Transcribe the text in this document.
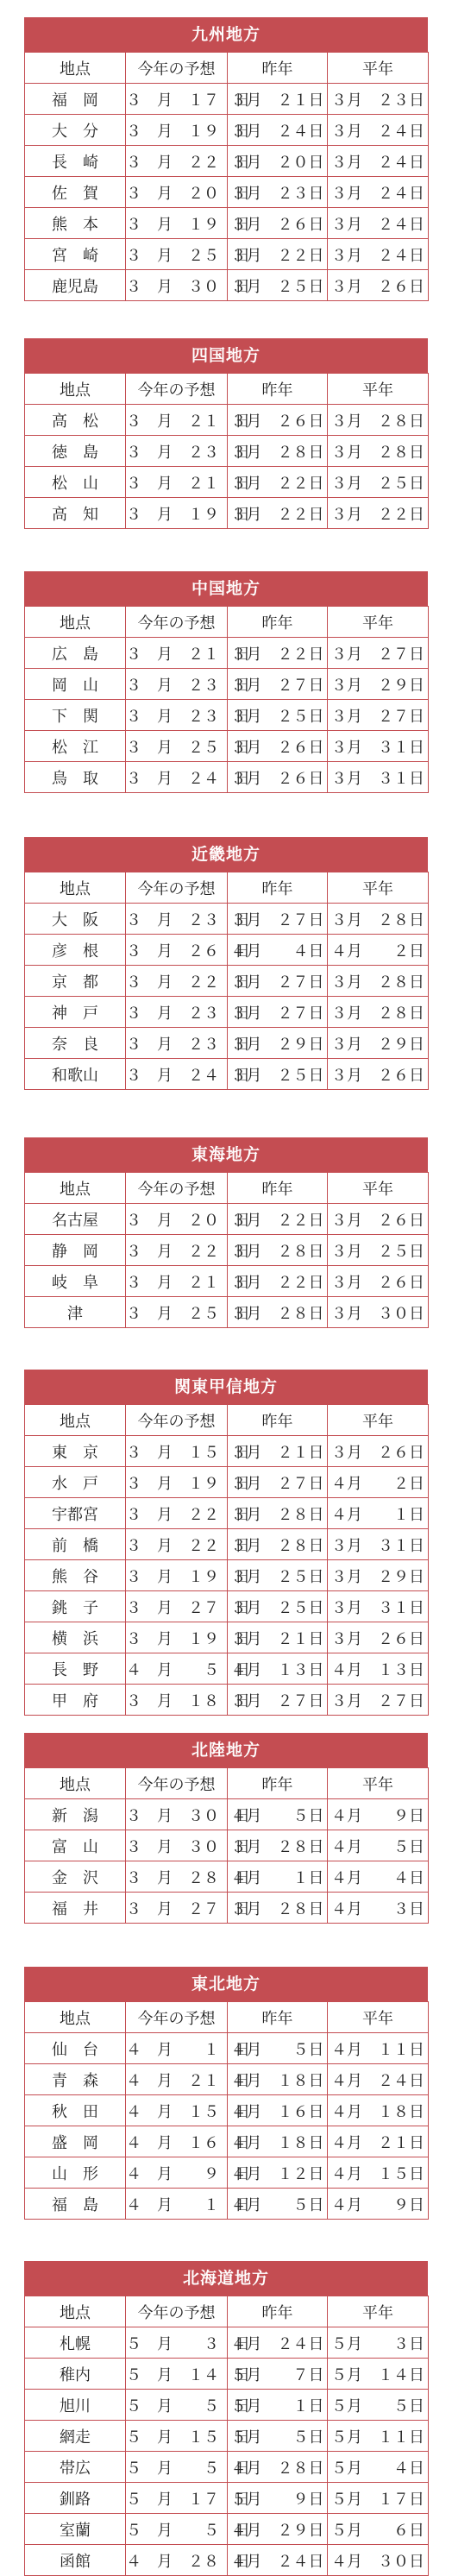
九州地方
地点	今年の予想	昨年	平年
福　岡	３　月　１７　日	３月　２１日	３月　２３日
大　分	３　月　１９　日	３月　２４日	３月　２４日
長　崎	３　月　２２　日	３月　２０日	３月　２４日
佐　賀	３　月　２０　日	３月　２３日	３月　２４日
熊　本	３　月　１９　日	３月　２６日	３月　２４日
宮　崎	３　月　２５　日	３月　２２日	３月　２４日
鹿児島	３　月　３０　日	３月　２５日	３月　２６日
四国地方
地点	今年の予想	昨年	平年
高　松	３　月　２１　日	３月　２６日	３月　２８日
徳　島	３　月　２３　日	３月　２８日	３月　２８日
松　山	３　月　２１　日	３月　２２日	３月　２５日
高　知	３　月　１９　日	３月　２２日	３月　２２日
中国地方
地点	今年の予想	昨年	平年
広　島	３　月　２１　日	３月　２２日	３月　２７日
岡　山	３　月　２３　日	３月　２７日	３月　２９日
下　関	３　月　２３　日	３月　２５日	３月　２７日
松　江	３　月　２５　日	３月　２６日	３月　３１日
鳥　取	３　月　２４　日	３月　２６日	３月　３１日
近畿地方
地点	今年の予想	昨年	平年
大　阪	３　月　２３　日	３月　２７日	３月　２８日
彦　根	３　月　２６　日	４月　　４日	４月　　２日
京　都	３　月　２２　日	３月　２７日	３月　２８日
神　戸	３　月　２３　日	３月　２７日	３月　２８日
奈　良	３　月　２３　日	３月　２９日	３月　２９日
和歌山	３　月　２４　日	３月　２５日	３月　２６日
東海地方
地点	今年の予想	昨年	平年
名古屋	３　月　２０　日	３月　２２日	３月　２６日
静　岡	３　月　２２　日	３月　２８日	３月　２５日
岐　阜	３　月　２１　日	３月　２２日	３月　２６日
津	３　月　２５　日	３月　２８日	３月　３０日
関東甲信地方
地点	今年の予想	昨年	平年
東　京	３　月　１５　日	３月　２１日	３月　２６日
水　戸	３　月　１９　日	３月　２７日	４月　　２日
宇都宮	３　月　２２　日	３月　２８日	４月　　１日
前　橋	３　月　２２　日	３月　２８日	３月　３１日
熊　谷	３　月　１９　日	３月　２５日	３月　２９日
銚　子	３　月　２７　日	３月　２５日	３月　３１日
横　浜	３　月　１９　日	３月　２１日	３月　２６日
長　野	４　月　　５　日	４月　１３日	４月　１３日
甲　府	３　月　１８　日	３月　２７日	３月　２７日
北陸地方
地点	今年の予想	昨年	平年
新　潟	３　月　３０　日	４月　　５日	４月　　９日
富　山	３　月　３０　日	３月　２８日	４月　　５日
金　沢	３　月　２８　日	４月　　１日	４月　　４日
福　井	３　月　２７　日	３月　２８日	４月　　３日
東北地方
地点	今年の予想	昨年	平年
仙　台	４　月　　１　日	４月　　５日	４月　１１日
青　森	４　月　２１　日	４月　１８日	４月　２４日
秋　田	４　月　１５　日	４月　１６日	４月　１８日
盛　岡	４　月　１６　日	４月　１８日	４月　２１日
山　形	４　月　　９　日	４月　１２日	４月　１５日
福　島	４　月　　１　日	４月　　５日	４月　　９日
北海道地方
地点	今年の予想	昨年	平年
札幌	５　月　　３　日	４月　２４日	５月　　３日
稚内	５　月　１４　日	５月　　７日	５月　１４日
旭川	５　月　　５　日	５月　　１日	５月　　５日
網走	５　月　１５　日	５月　　５日	５月　１１日
帯広	５　月　　５　日	４月　２８日	５月　　４日
釧路	５　月　１７　日	５月　　９日	５月　１７日
室蘭	５　月　　５　日	４月　２９日	５月　　６日
函館	４　月　２８　日	４月　２４日	４月　３０日
